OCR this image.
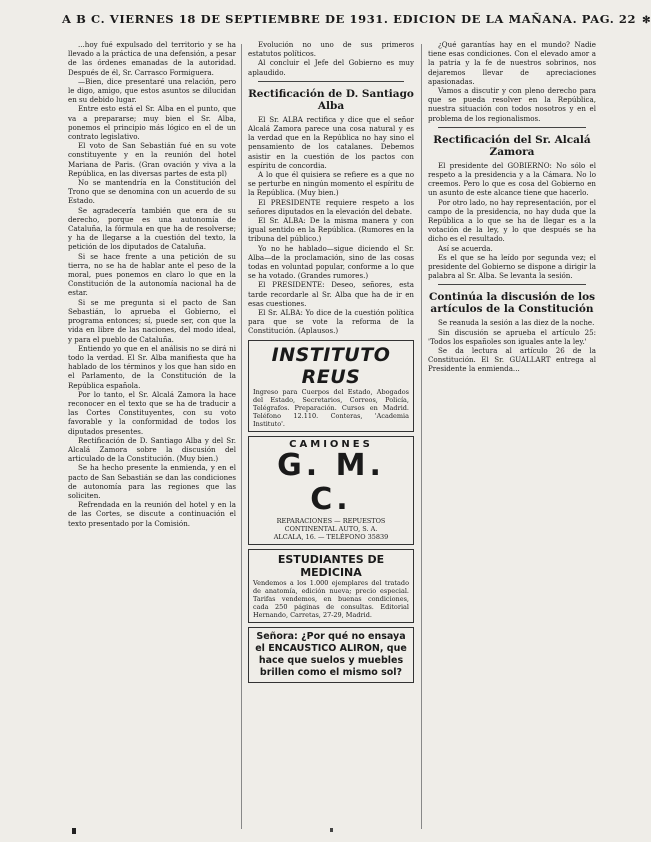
A B C. VIERNES 18 DE SEPTIEMBRE DE 1931. EDICION DE LA MAÑANA. PAG. 22 ✻

...hoy fué expulsado del territorio y se ha llevado a la práctica de una defensión, a pesar de las órdenes emanadas de la autoridad. Después de él, Sr. Carrasco Formiguera.

—Bien, dice presentaré una relación, pero le digo, amigo, que estos asuntos se dilucidan en su debido lugar.

Entre esto está el Sr. Alba en el punto, que va a prepararse; muy bien el Sr. Alba, ponemos el principio más lógico en el de un contrato legislativo.

El voto de San Sebastián fué en su vote constituyente y en la reunión del hotel Mariana de Paris. (Gran ovación y viva a la República, en las diversas partes de esta pl)

No se mantendría en la Constitución del Trono que se denomina con un acuerdo de su Estado.

Se agradecería también que era de su derecho, porque es una autonomía de Cataluña, la fórmula en que ha de resolverse; y ha de llegarse a la cuestión del texto, la petición de los diputados de Cataluña.

Si se hace frente a una petición de su tierra, no se ha de hablar ante el peso de la moral, pues ponemos en claro lo que en la Constitución de la autonomía nacional ha de estar.

Si se me pregunta si el pacto de San Sebastián, lo aprueba el Gobierno, el programa entonces; sí, puede ser, con que la vida en libre de las naciones, del modo ideal, y para el pueblo de Cataluña.

Entiendo yo que en el análisis no se dirá ni todo la verdad. El Sr. Alba manifiesta que ha hablado de los términos y los que han sido en el Parlamento, de la Constitución de la República española.

Por lo tanto, el Sr. Alcalá Zamora la hace reconocer en el texto que se ha de traducir a las Cortes Constituyentes, con su voto favorable y la conformidad de todos los diputados presentes.

Rectificación de D. Santiago Alba y del Sr. Alcalá Zamora sobre la discusión del articulado de la Constitución. (Muy bien.)

Se ha hecho presente la enmienda, y en el pacto de San Sebastián se dan las condiciones de autonomía para las regiones que las soliciten.

Refrendada en la reunión del hotel y en la de las Cortes, se discute a continuación el texto presentado por la Comisión.

Evolución no uno de sus primeros estatutos políticos.

Al concluir el Jefe del Gobierno es muy aplaudido.

Rectificación de D. Santiago Alba

El Sr. ALBA rectifica y dice que el señor Alcalá Zamora parece una cosa natural y es la verdad que en la República no hay sino el pensamiento de los catalanes. Debemos asistir en la cuestión de los pactos con espíritu de concordia.

A lo que él quisiera se refiere es a que no se perturbe en ningún momento el espíritu de la República. (Muy bien.)

El PRESIDENTE requiere respeto a los señores diputados en la elevación del debate.

El Sr. ALBA: De la misma manera y con igual sentido en la República. (Rumores en la tribuna del público.)

Yo no he hablado—sigue diciendo el Sr. Alba—de la proclamación, sino de las cosas todas en voluntad popular, conforme a lo que se ha votado. (Grandes rumores.)

El PRESIDENTE: Deseo, señores, esta tarde recordarle al Sr. Alba que ha de ir en esas cuestiones.

El Sr. ALBA: Yo dice de la cuestión política para que se vote la reforma de la Constitución. (Aplausos.)

INSTITUTO REUS
Ingreso para Cuerpos del Estado, Abogados del Estado, Secretarios, Correos, Policía, Telégrafos. Preparación. Cursos en Madrid. Teléfono 12.110. Conteras, 'Academia Instituto'.
CAMIONES
G. M. C.
REPARACIONES — REPUESTOS
CONTINENTAL AUTO, S. A.
ALCALA, 16. — TELÉFONO 35839
ESTUDIANTES DE MEDICINA
Vendemos a los 1.000 ejemplares del tratado de anatomía, edición nueva; precio especial. Tarifas vendemos, en buenas condiciones, cada 250 páginas de consultas. Editorial Hernando, Carretas, 27-29, Madrid.
Señora: ¿Por qué no ensaya el ENCAUSTICO ALIRON, que hace que suelos y muebles brillen como el mismo sol?

¿Qué garantías hay en el mundo? Nadie tiene esas condiciones. Con el elevado amor a la patria y la fe de nuestros sobrinos, nos dejaremos llevar de apreciaciones apasionadas.

Vamos a discutir y con pleno derecho para que se pueda resolver en la República, nuestra situación con todos nosotros y en el problema de los regionalismos.

Rectificación del Sr. Alcalá Zamora

El presidente del GOBIERNO: No sólo el respeto a la presidencia y a la Cámara. No lo creemos. Pero lo que es cosa del Gobierno en un asunto de este alcance tiene que hacerlo.

Por otro lado, no hay representación, por el campo de la presidencia, no hay duda que la República a lo que se ha de llegar es a la votación de la ley, y lo que después se ha dicho es el resultado.

Así se acuerda.

Es el que se ha leído por segunda vez; el presidente del Gobierno se dispone a dirigir la palabra al Sr. Alba. Se levanta la sesión.

Continúa la discusión de los artículos de la Constitución

Se reanuda la sesión a las diez de la noche.

Sin discusión se aprueba el artículo 25: 'Todos los españoles son iguales ante la ley.'

Se da lectura al artículo 26 de la Constitución. El Sr. GUALLART entrega al Presidente la enmienda...
